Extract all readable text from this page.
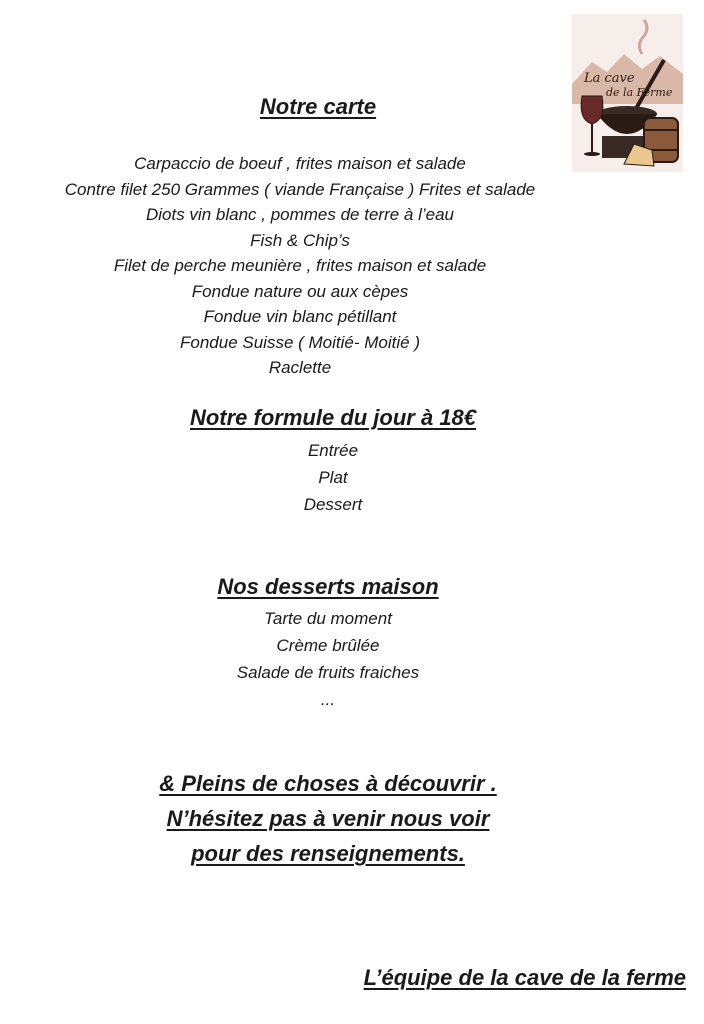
La cave
de la Ferme
Notre carte
Carpaccio de boeuf , frites maison et salade
Contre filet 250 Grammes ( viande Française ) Frites et salade
Diots vin blanc , pommes de terre à l’eau
Fish & Chip’s
Filet de perche meunière , frites maison et salade
Fondue nature ou aux cèpes
Fondue vin blanc pétillant
Fondue Suisse ( Moitié- Moitié )
Raclette
Notre formule du jour à 18€
Entrée
Plat
Dessert
Nos desserts maison
Tarte du moment
Crème brûlée
Salade de fruits fraiches
...
& Pleins de choses à découvrir .
N’hésitez pas à venir nous voir
pour des renseignements.
L’équipe de la cave de la ferme
